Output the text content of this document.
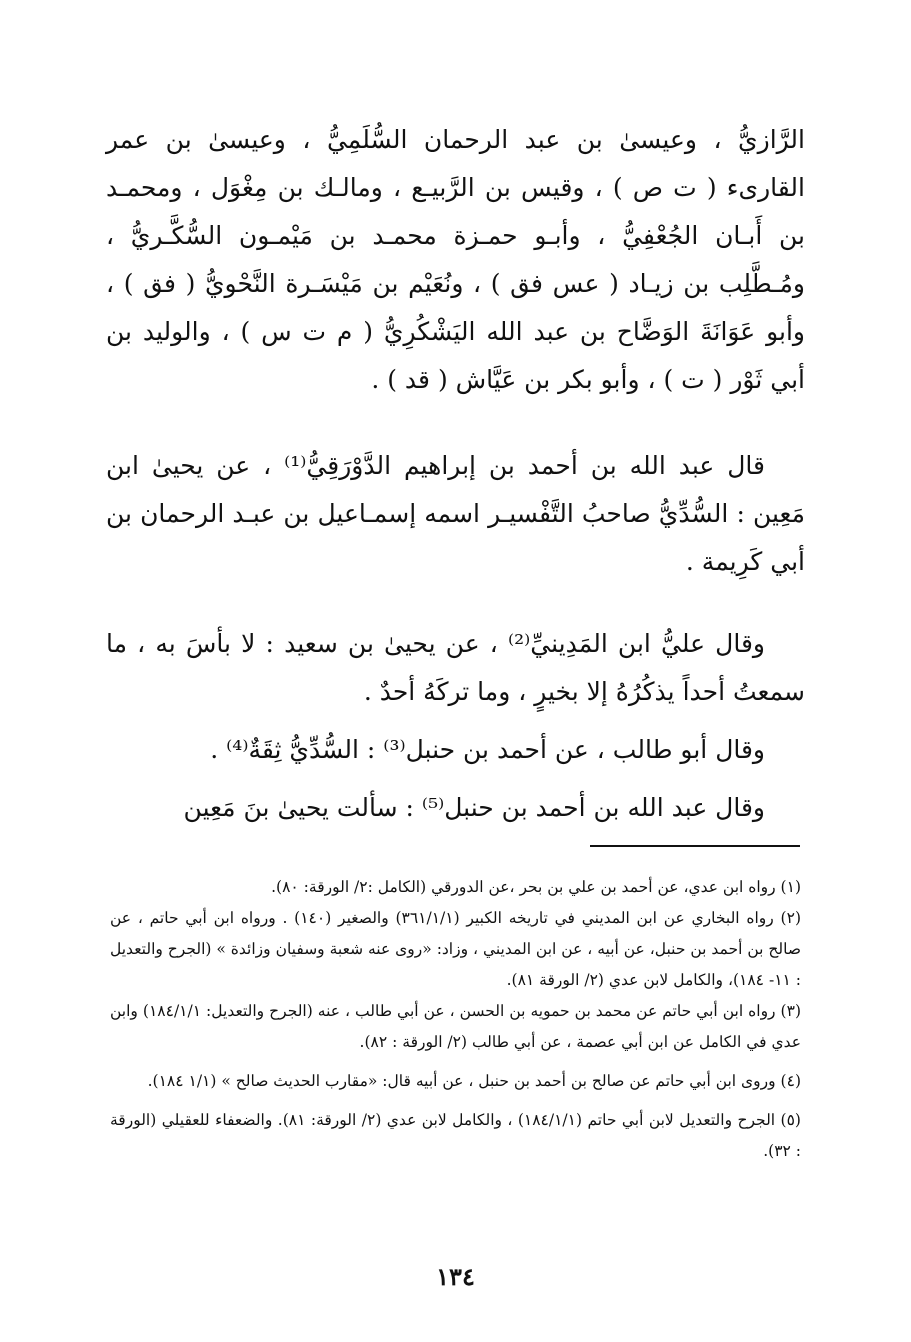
الرَّازيُّ ، وعيسىٰ بن عبد الرحمان السُّلَمِيُّ ، وعيسىٰ بن عمر القارىء ( ت ص ) ، وقيس بن الرَّبيـع ، ومالـك بن مِغْوَل ، ومحمـد بن أَبـان الجُعْفِيُّ ، وأبـو حمـزة محمـد بن مَيْمـون السُّكَّـريُّ ، ومُـطَّلِب بن زيـاد ( عس فق ) ، ونُعَيْم بن مَيْسَـرة النَّحْويُّ ( فق ) ، وأبو عَوَانَةَ الوَضَّاح بن عبد الله اليَشْكُرِيُّ ( م ت س ) ، والوليد بن أبي ثَوْر ( ت ) ، وأبو بكر بن عَيَّاش ( قد ) .

قال عبد الله بن أحمد بن إبراهيم الدَّوْرَقِيُّ⁽¹⁾ ، عن يحيىٰ ابن مَعِين : السُّدِّيُّ صاحبُ التَّفْسيـر اسمه إسمـاعيل بن عبـد الرحمان بن أبي كَرِيمة .

وقال عليُّ ابن المَدِينيِّ⁽²⁾ ، عن يحيىٰ بن سعيد : لا بأسَ به ، ما سمعتُ أحداً يذكُرُهُ إلا بخيرٍ ، وما تركَهُ أحدٌ .

وقال أبو طالب ، عن أحمد بن حنبل⁽³⁾ : السُّدِّيُّ ثِقَةٌ⁽⁴⁾ .

وقال عبد الله بن أحمد بن حنبل⁽⁵⁾ : سألت يحيىٰ بنَ مَعِين

(١) رواه ابن عدي، عن أحمد بن علي بن بحر ،عن الدورقي (الكامل :٢/ الورقة: ٨٠).

(٢) رواه البخاري عن ابن المديني في تاريخه الكبير (٣٦١/١/١) والصغير (١٤٠) . ورواه ابن أبي حاتم ، عن صالح بن أحمد بن حنبل، عن أبيه ، عن ابن المديني ، وزاد: «روى عنه شعبة وسفيان وزائدة » (الجرح والتعديل : ١١- ١٨٤)، والكامل لابن عدي (٢/ الورقة ٨١).

(٣) رواه ابن أبي حاتم عن محمد بن حمويه بن الحسن ، عن أبي طالب ، عنه (الجرح والتعديل: ١٨٤/١/١) وابن عدي في الكامل عن ابن أبي عصمة ، عن أبي طالب (٢/ الورقة : ٨٢).

(٤) وروى ابن أبي حاتم عن صالح بن أحمد بن حنبل ، عن أبيه قال: «مقارب الحديث صالح » (١/١ ١٨٤).

(٥) الجرح والتعديل لابن أبي حاتم (١٨٤/١/١) ، والكامل لابن عدي (٢/ الورقة: ٨١). والضعفاء للعقيلي (الورقة : ٣٢).

١٣٤
